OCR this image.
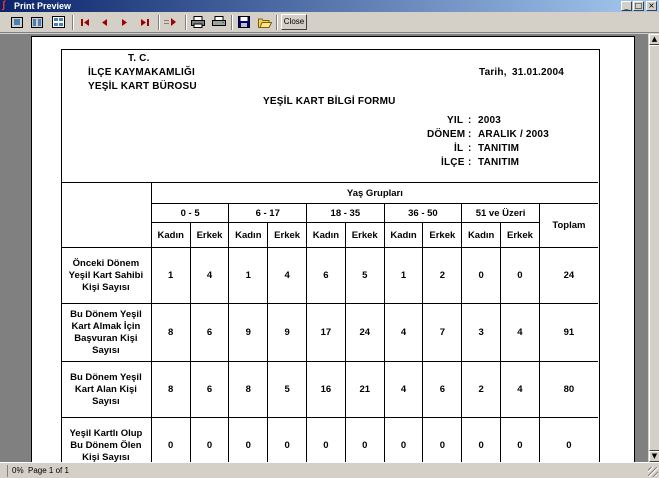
ʃ Print Preview	_ □ ×
Close
T. C.
İLÇE KAYMAKAMLIĞI
YEŞİL KART BÜROSU
Tarih, 31.01.2004
YEŞİL KART BİLGİ FORMU
YIL : 2003
DÖNEM : ARALIK / 2003
İL : TANITIM
İLÇE : TANITIM
	Yaş Grupları										
	0 - 5		6 - 17		18 - 35		36 - 50		51 ve Üzeri		Toplam
	Kadın	Erkek	Kadın	Erkek	Kadın	Erkek	Kadın	Erkek	Kadın	Erkek	
Önceki Dönem Yeşil Kart Sahibi Kişi Sayısı	1	4	1	4	6	5	1	2	0	0	24
Bu Dönem Yeşil Kart Almak İçin Başvuran Kişi Sayısı	8	6	9	9	17	24	4	7	3	4	91
Bu Dönem Yeşil Kart Alan Kişi Sayısı	8	6	8	5	16	21	4	6	2	4	80
Yeşil Kartlı Olup Bu Dönem Ölen Kişi Sayısı	0	0	0	0	0	0	0	0	0	0	0
▲
▼
0% Page 1 of 1
